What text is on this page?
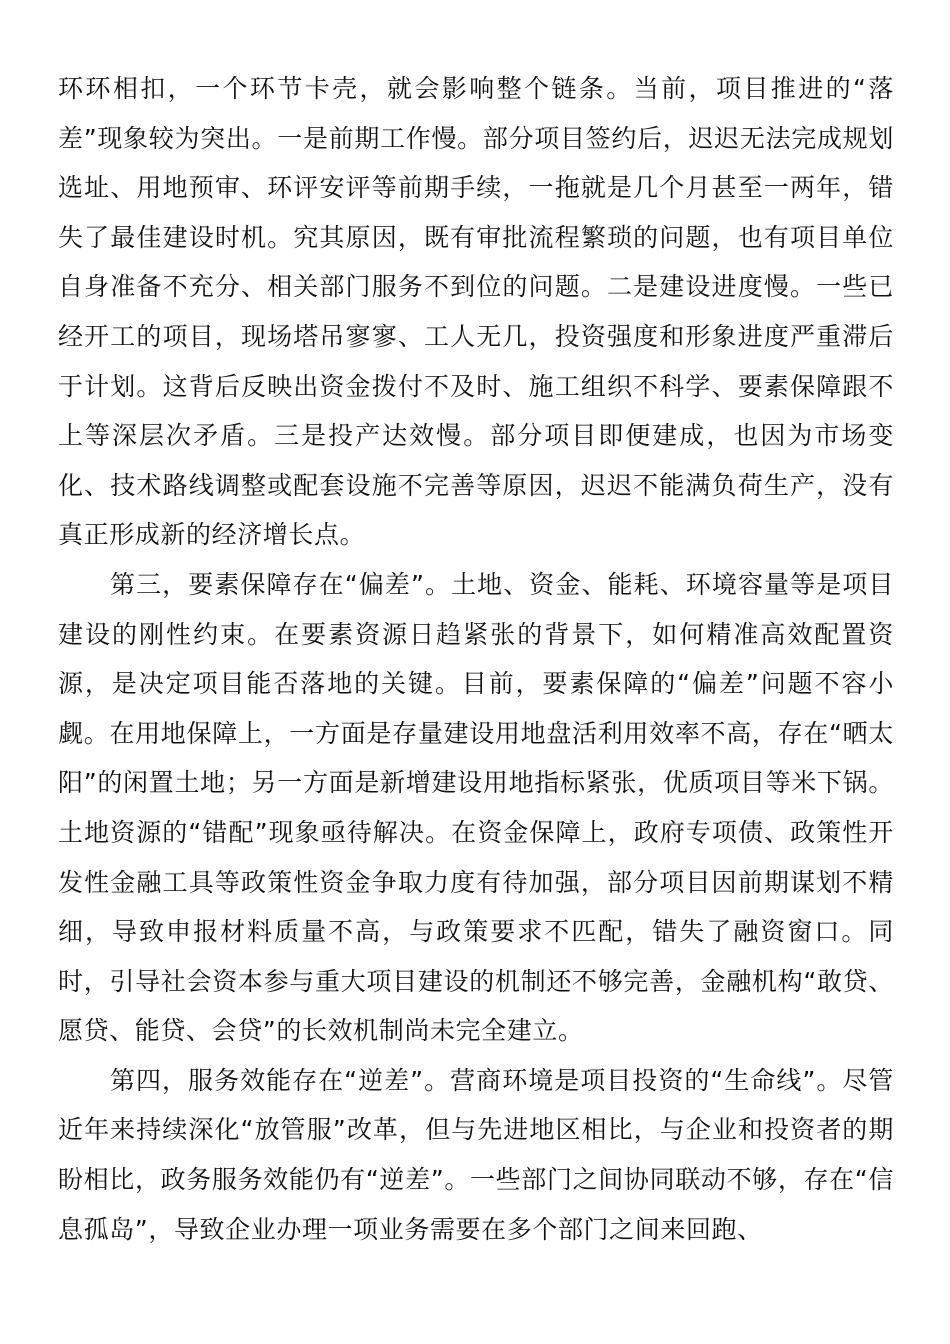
环环相扣，一个环节卡壳，就会影响整个链条。当前，项目推进的“落差”现象较为突出。一是前期工作慢。部分项目签约后，迟迟无法完成规划选址、用地预审、环评安评等前期手续，一拖就是几个月甚至一两年，错失了最佳建设时机。究其原因，既有审批流程繁琐的问题，也有项目单位自身准备不充分、相关部门服务不到位的问题。二是建设进度慢。一些已经开工的项目，现场塔吊寥寥、工人无几，投资强度和形象进度严重滞后于计划。这背后反映出资金拨付不及时、施工组织不科学、要素保障跟不上等深层次矛盾。三是投产达效慢。部分项目即便建成，也因为市场变化、技术路线调整或配套设施不完善等原因，迟迟不能满负荷生产，没有真正形成新的经济增长点。

第三，要素保障存在“偏差”。土地、资金、能耗、环境容量等是项目建设的刚性约束。在要素资源日趋紧张的背景下，如何精准高效配置资源，是决定项目能否落地的关键。目前，要素保障的“偏差”问题不容小觑。在用地保障上，一方面是存量建设用地盘活利用效率不高，存在“晒太阳”的闲置土地；另一方面是新增建设用地指标紧张，优质项目等米下锅。土地资源的“错配”现象亟待解决。在资金保障上，政府专项债、政策性开发性金融工具等政策性资金争取力度有待加强，部分项目因前期谋划不精细，导致申报材料质量不高，与政策要求不匹配，错失了融资窗口。同时，引导社会资本参与重大项目建设的机制还不够完善，金融机构“敢贷、愿贷、能贷、会贷”的长效机制尚未完全建立。

第四，服务效能存在“逆差”。营商环境是项目投资的“生命线”。尽管近年来持续深化“放管服”改革，但与先进地区相比，与企业和投资者的期盼相比，政务服务效能仍有“逆差”。一些部门之间协同联动不够，存在“信息孤岛”，导致企业办理一项业务需要在多个部门之间来回跑、
